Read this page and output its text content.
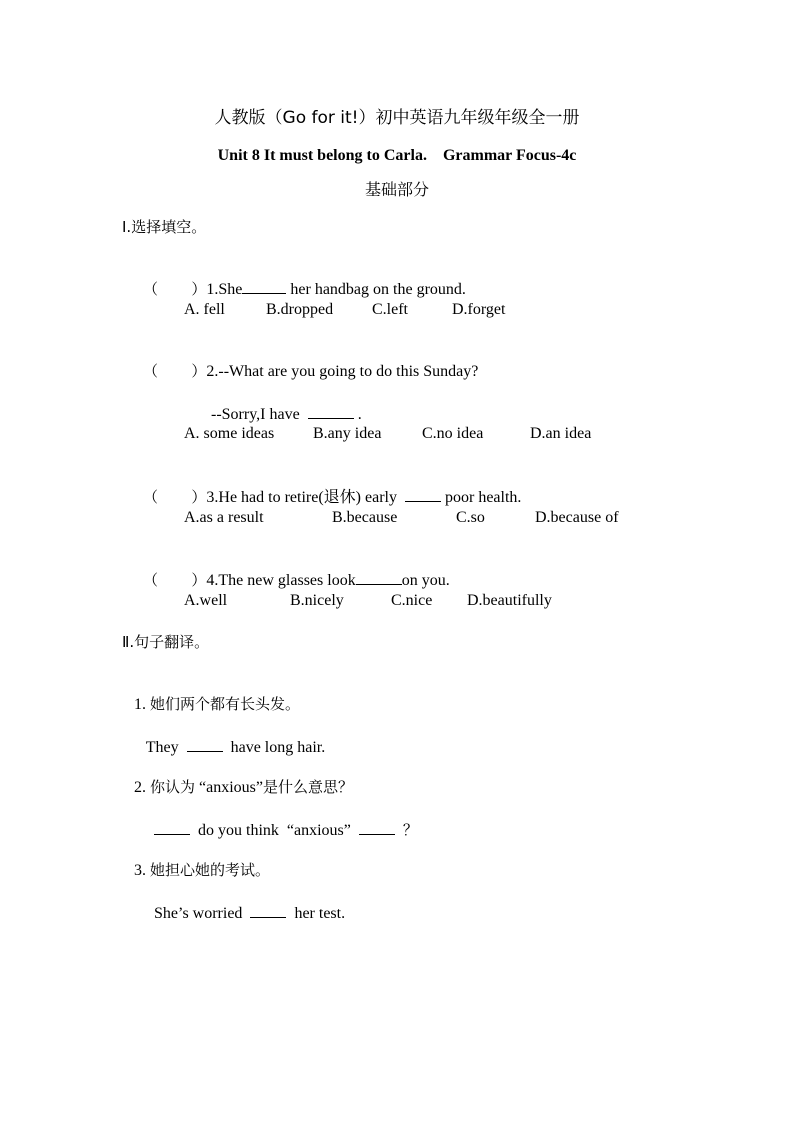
人教版（Go for it!）初中英语九年级年级全一册
Unit 8 It must belong to Carla.    Grammar Focus-4c
基础部分
Ⅰ.选择填空。

（       ）1.She	her handbag on the ground.

A. fell	B.dropped C.left	D.forget

（       ）2.--What are you going to do this Sunday?

--Sorry,I have	.

A. some ideas B.any idea	C.no idea	D.an idea

（       ）3.He had to retire(退休) early	poor health.

A.as a result	B.because	C.so	D.because of

（       ）4.The new glasses look	on you.

A.well	B.nicely	C.nice D.beautifully
Ⅱ.句子翻译。

1. 她们两个都有长头发。

They	have long hair.

2. 你认为 “anxious”是什么意思？

do you think  “anxious”	？

3. 她担心她的考试。

She’s worried	her test.
